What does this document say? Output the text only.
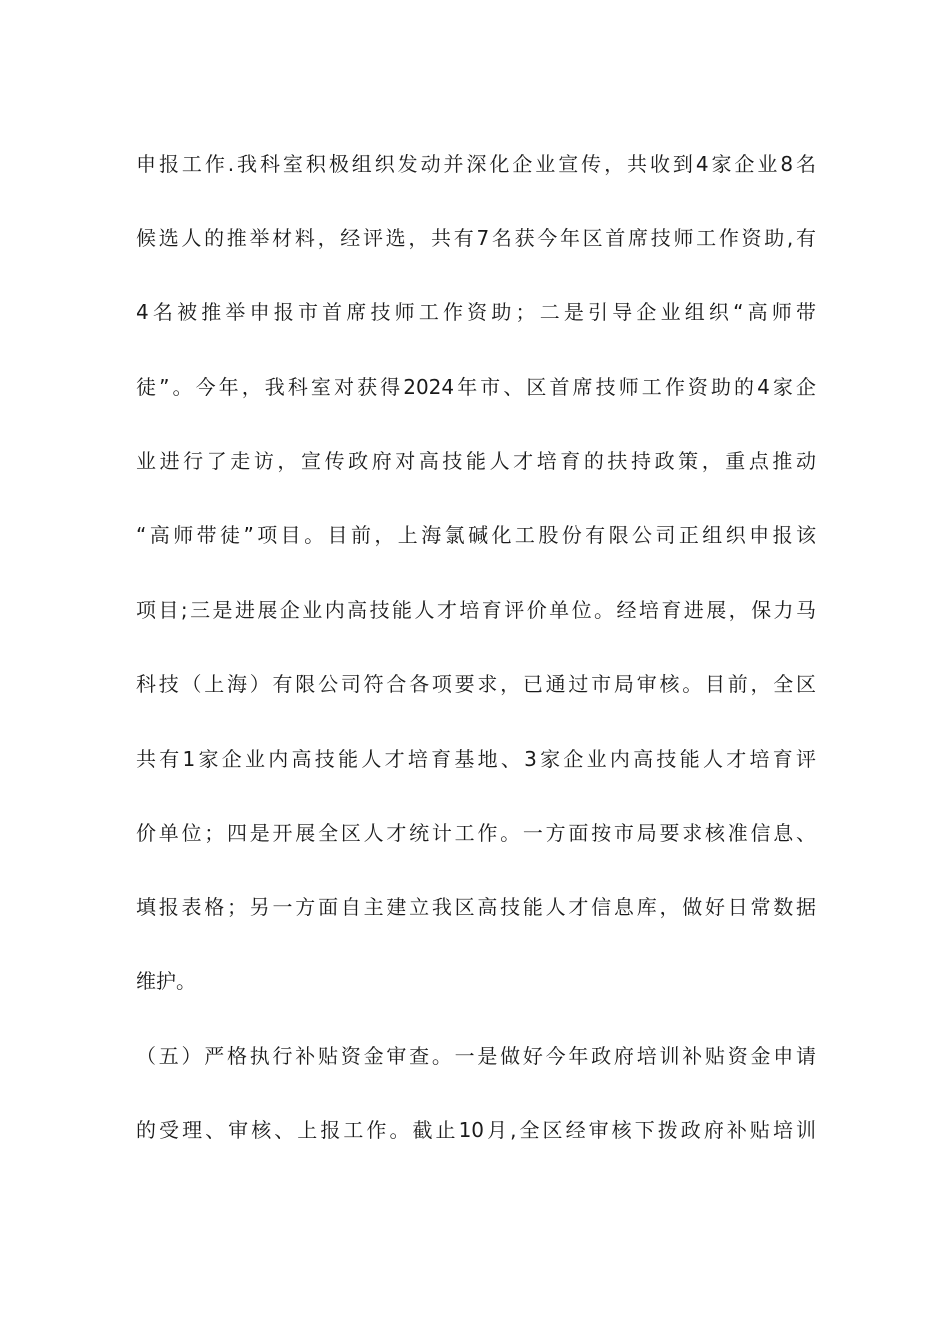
申报工作.我科室积极组织发动并深化企业宣传，共收到4家企业8名
候选人的推举材料，经评选，共有7名获今年区首席技师工作资助,有
4名被推举申报市首席技师工作资助；二是引导企业组织“高师带
徒”。今年，我科室对获得2024年市、区首席技师工作资助的4家企
业进行了走访，宣传政府对高技能人才培育的扶持政策，重点推动
“高师带徒”项目。目前，上海氯碱化工股份有限公司正组织申报该
项目;三是进展企业内高技能人才培育评价单位。经培育进展，保力马
科技（上海）有限公司符合各项要求，已通过市局审核。目前，全区
共有1家企业内高技能人才培育基地、3家企业内高技能人才培育评
价单位；四是开展全区人才统计工作。一方面按市局要求核准信息、
填报表格；另一方面自主建立我区高技能人才信息库，做好日常数据
维护。
（五）严格执行补贴资金审查。一是做好今年政府培训补贴资金申请
的受理、审核、上报工作。截止10月,全区经审核下拨政府补贴培训
